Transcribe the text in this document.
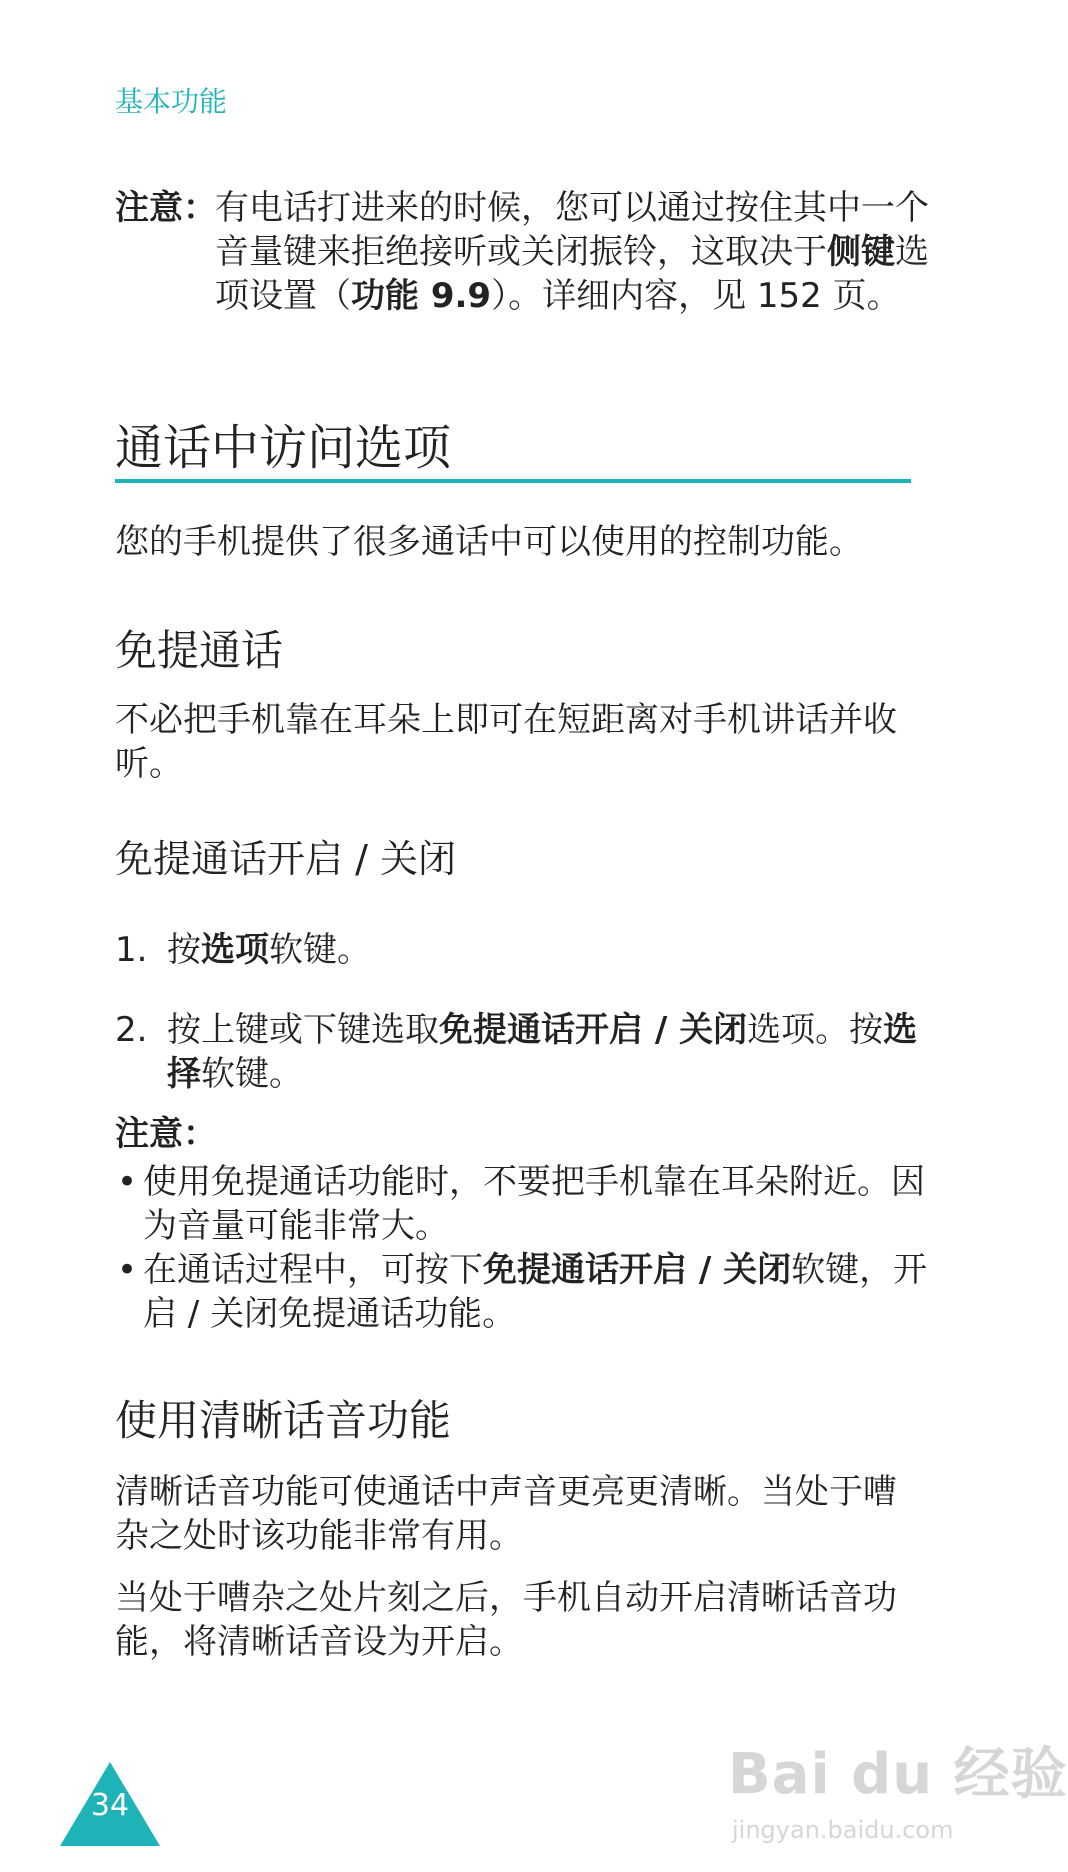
基本功能
注意：
有电话打进来的时候，您可以通过按住其中一个
音量键来拒绝接听或关闭振铃，这取决于侧键选
项设置（功能 9.9）。详细内容，见 152 页。
通话中访问选项
您的手机提供了很多通话中可以使用的控制功能。
免提通话
不必把手机靠在耳朵上即可在短距离对手机讲话并收
听。
免提通话开启 / 关闭
1. 按选项软键。
2. 按上键或下键选取免提通话开启 / 关闭选项。按选
择软键。
注意：
• 使用免提通话功能时，不要把手机靠在耳朵附近。因
为音量可能非常大。
• 在通话过程中，可按下免提通话开启 / 关闭软键，开
启 / 关闭免提通话功能。
使用清晰话音功能
清晰话音功能可使通话中声音更亮更清晰。当处于嘈
杂之处时该功能非常有用。
当处于嘈杂之处片刻之后，手机自动开启清晰话音功
能，将清晰话音设为开启。
34	Bai du 经验
jingyan.baidu.com
